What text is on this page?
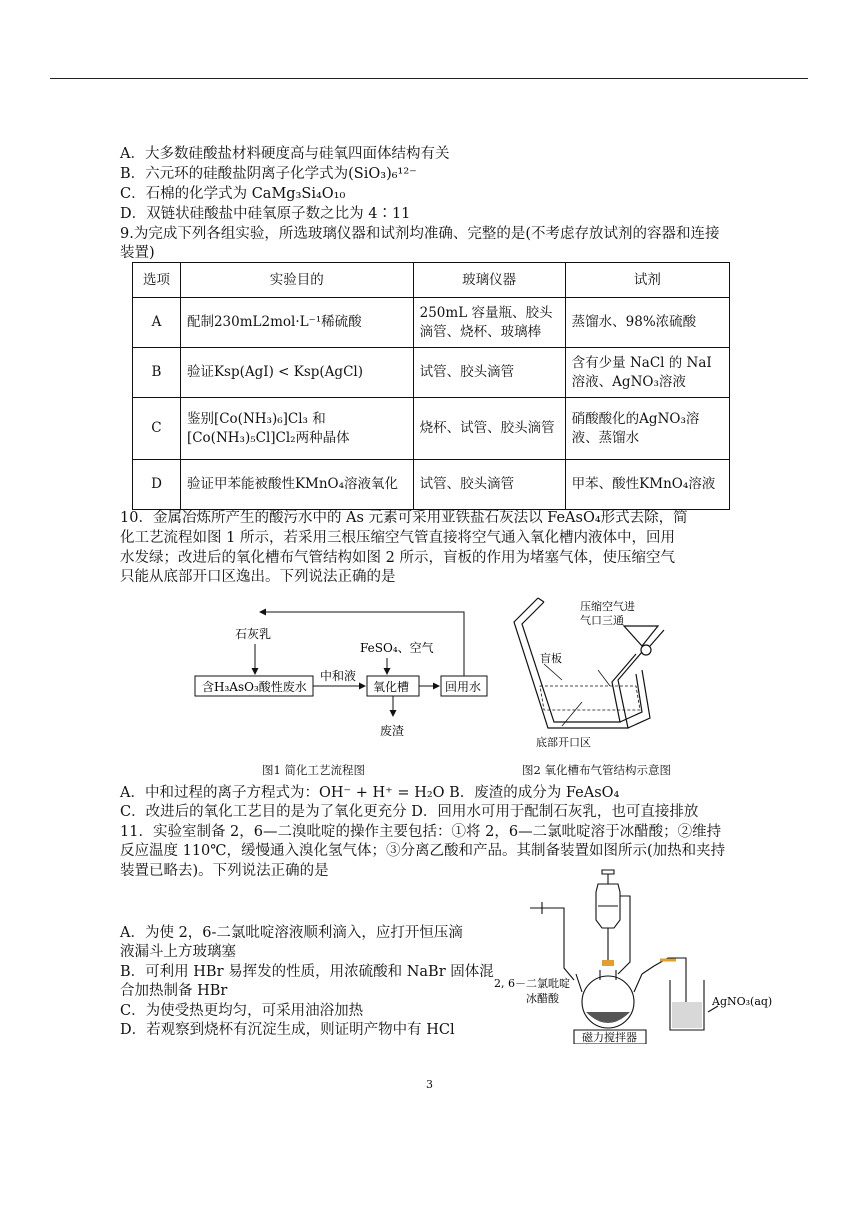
A．大多数硅酸盐材料硬度高与硅氧四面体结构有关
B．六元环的硅酸盐阴离子化学式为(SiO₃)₆¹²⁻
C．石棉的化学式为 CaMg₃Si₄O₁₀
D．双链状硅酸盐中硅氧原子数之比为 4∶11
9.为完成下列各组实验，所选玻璃仪器和试剂均准确、完整的是(不考虑存放试剂的容器和连接
装置)
选项	实验目的	玻璃仪器	试剂
A	配制230mL2mol·L⁻¹稀硫酸	250mL 容量瓶、胶头滴管、烧杯、玻璃棒	蒸馏水、98%浓硫酸
B	验证Ksp(AgI) < Ksp(AgCl)	试管、胶头滴管	含有少量 NaCl 的 NaI 溶液、AgNO₃溶液
C	鉴别[Co(NH₃)₆]Cl₃ 和 [Co(NH₃)₅Cl]Cl₂两种晶体	烧杯、试管、胶头滴管	硝酸酸化的AgNO₃溶液、蒸馏水
D	验证甲苯能被酸性KMnO₄溶液氧化	试管、胶头滴管	甲苯、酸性KMnO₄溶液
10．金属冶炼所产生的酸污水中的 As 元素可采用亚铁盐石灰法以 FeAsO₄形式去除，简
化工艺流程如图 1 所示，若采用三根压缩空气管直接将空气通入氧化槽内液体中，回用
水发绿；改进后的氧化槽布气管结构如图 2 所示，盲板的作用为堵塞气体，使压缩空气
只能从底部开口区逸出。下列说法正确的是
石灰乳
FeSO₄、空气
含H₃AsO₃酸性废水
中和液
氧化槽	回用水
废渣
图1 简化工艺流程图
盲板
压缩空气进
气口三通
底部开口区
图2 氧化槽布气管结构示意图
A．中和过程的离子方程式为：OH⁻ + H⁺ = H₂O B．废渣的成分为 FeAsO₄
C．改进后的氧化工艺目的是为了氧化更充分 D．回用水可用于配制石灰乳，也可直接排放
11．实验室制备 2，6—二溴吡啶的操作主要包括：①将 2，6—二氯吡啶溶于冰醋酸；②维持
反应温度 110℃，缓慢通入溴化氢气体；③分离乙酸和产品。其制备装置如图所示(加热和夹持
装置已略去)。下列说法正确的是
A．为使 2，6-二氯吡啶溶液顺利滴入，应打开恒压滴
液漏斗上方玻璃塞
B．可利用 HBr 易挥发的性质，用浓硫酸和 NaBr 固体混
合加热制备 HBr
C．为使受热更均匀，可采用油浴加热
D．若观察到烧杯有沉淀生成，则证明产物中有 HCl
2, 6－二氯吡啶
冰醋酸
磁力搅拌器
AgNO₃(aq)
3
